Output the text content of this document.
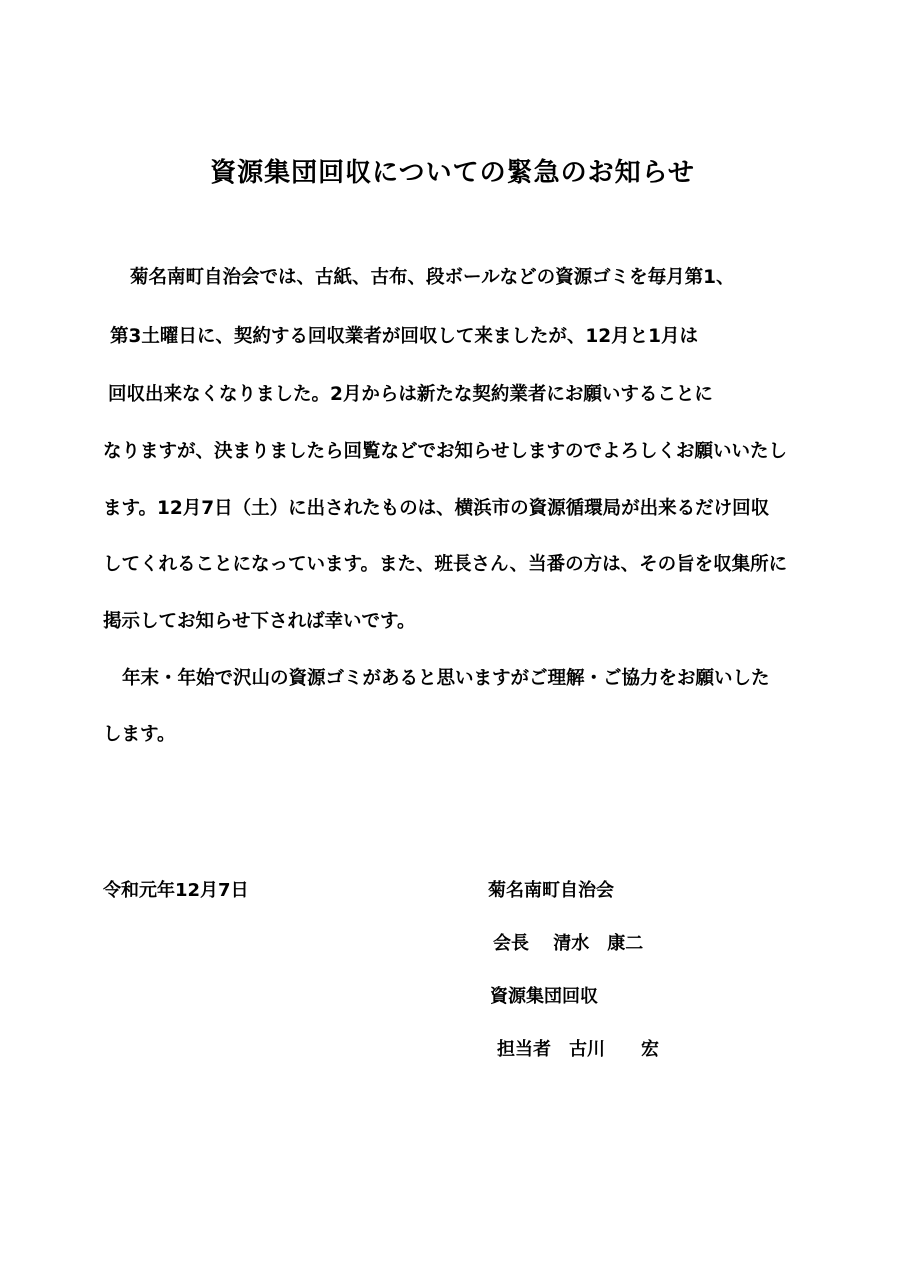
資源集団回収についての緊急のお知らせ
菊名南町自治会では、古紙、古布、段ボールなどの資源ゴミを毎月第1、
第3土曜日に、契約する回収業者が回収して来ましたが、12月と1月は
回収出来なくなりました。2月からは新たな契約業者にお願いすることに
なりますが、決まりましたら回覧などでお知らせしますのでよろしくお願いいたし
ます。12月7日（土）に出されたものは、横浜市の資源循環局が出来るだけ回収
してくれることになっています。また、班長さん、当番の方は、その旨を収集所に
掲示してお知らせ下されば幸いです。
年末・年始で沢山の資源ゴミがあると思いますがご理解・ご協力をお願いした
します。
令和元年12月7日	菊名南町自治会
会長　 清水　康二
資源集団回収
担当者　古川　　宏
